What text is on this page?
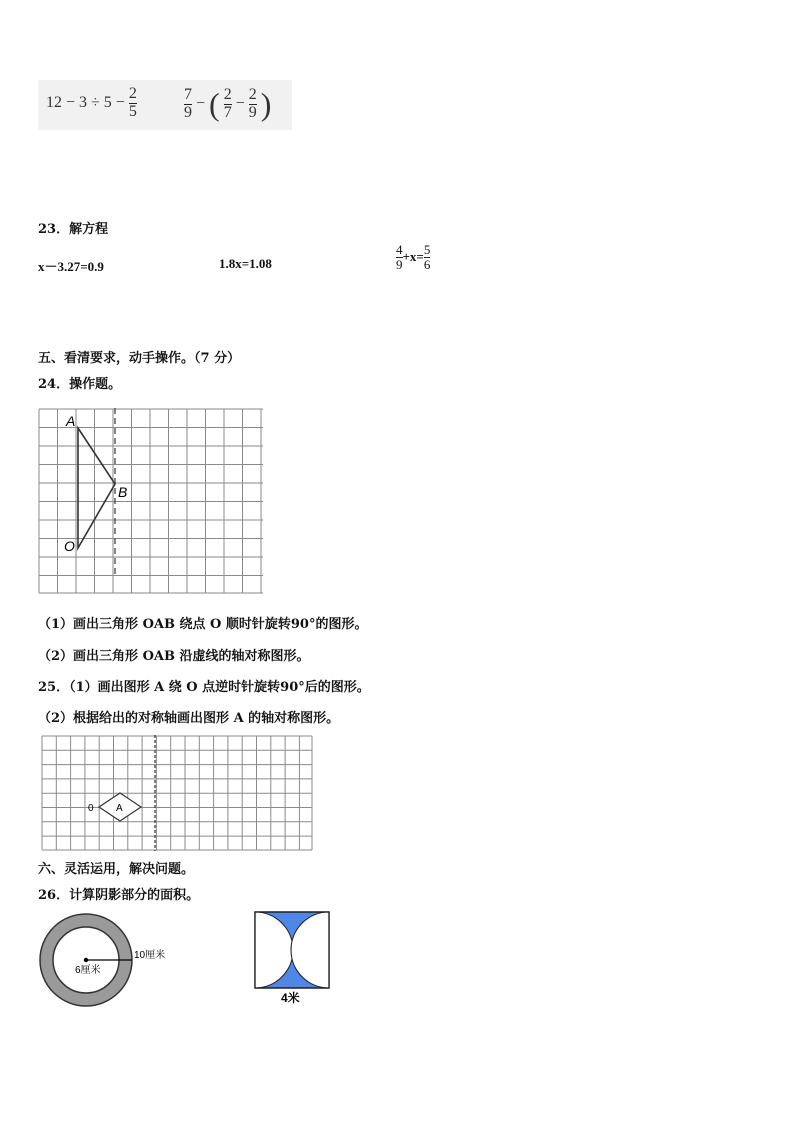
$12 - 3 \div 5 - \frac{2}{5}$	$\frac{7}{9}$ − ( $\frac{2}{7} - \frac{2}{9}$ )
23．解方程
x－3.27=0.9	1.8x=1.08	$\frac{4}{9} +x= \frac{5}{6}$
五、看清要求，动手操作。（7 分）
24．操作题。
A
B
O
（1）画出三角形 OAB 绕点 O 顺时针旋转90°的图形。
（2）画出三角形 OAB 沿虚线的轴对称图形。
25．（1）画出图形 A 绕 O 点逆时针旋转90°后的图形。
（2）根据给出的对称轴画出图形 A 的轴对称图形。
A
0
六、灵活运用，解决问题。
26．计算阴影部分的面积。
10厘米
6厘米
4米
